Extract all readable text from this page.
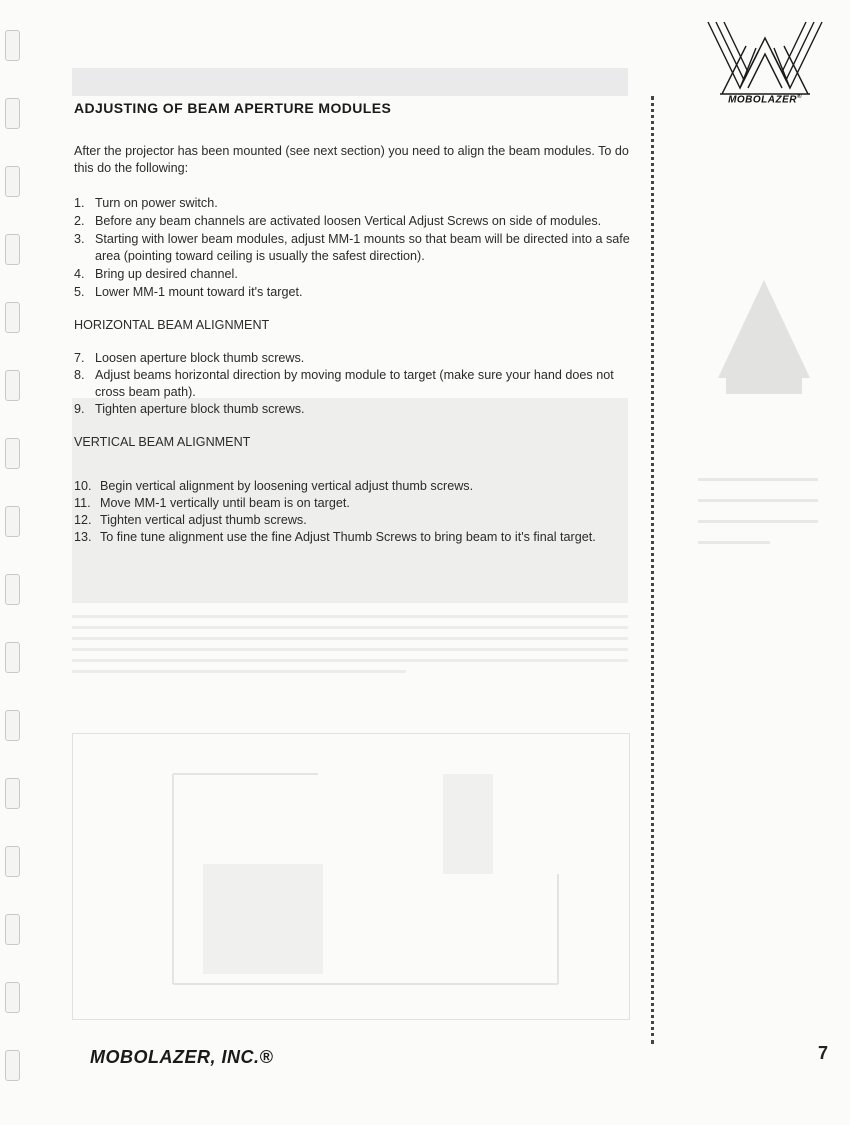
MOBOLAZER®
ADJUSTING OF BEAM APERTURE MODULES

After the projector has been mounted (see next section) you need to align the beam modules. To do this do the following:

1. Turn on power switch.
2. Before any beam channels are activated loosen Vertical Adjust Screws on side of modules.
3. Starting with lower beam modules, adjust MM-1 mounts so that beam will be directed into a safe area (pointing toward ceiling is usually the safest direction).
4. Bring up desired channel.
5. Lower MM-1 mount toward it's target.
HORIZONTAL BEAM ALIGNMENT
7. Loosen aperture block thumb screws.
8. Adjust beams horizontal direction by moving module to target (make sure your hand does not cross beam path).
9. Tighten aperture block thumb screws.
VERTICAL BEAM ALIGNMENT
10. Begin vertical alignment by loosening vertical adjust thumb screws.
11. Move MM-1 vertically until beam is on target.
12. Tighten vertical adjust thumb screws.
13. To fine tune alignment use the fine Adjust Thumb Screws to bring beam to it's final target.
MOBOLAZER, INC.®	7
